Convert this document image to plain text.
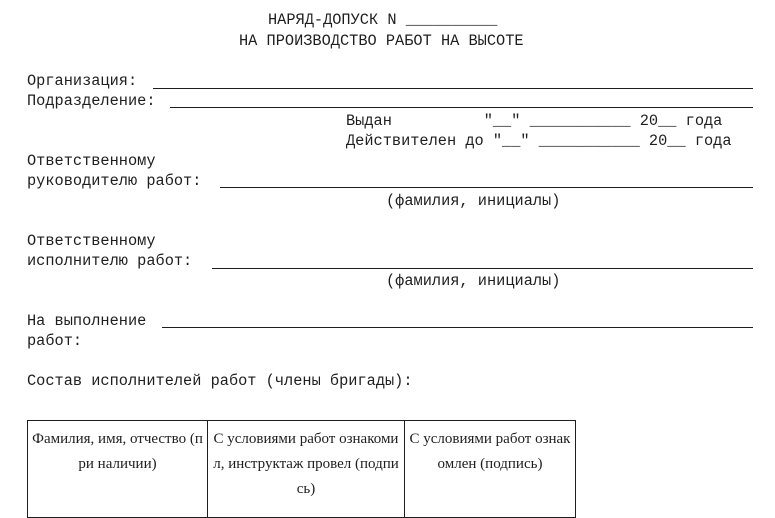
НАРЯД-ДОПУСК N __________
НА ПРОИЗВОДСТВО РАБОТ НА ВЫСОТЕ
Организация:
Подразделение:
Выдан          "__" ___________ 20__ года
Действителен до "__" ___________ 20__ года
Ответственному
руководителю работ:
(фамилия, инициалы)
Ответственному
исполнителю работ:
(фамилия, инициалы)
На выполнение
работ:
Состав исполнителей работ (члены бригады):
Фамилия, имя, отчество (при наличии)	С условиями работ ознакомил, инструктаж провел (подпись)	С условиями работ ознакомлен (подпись)
